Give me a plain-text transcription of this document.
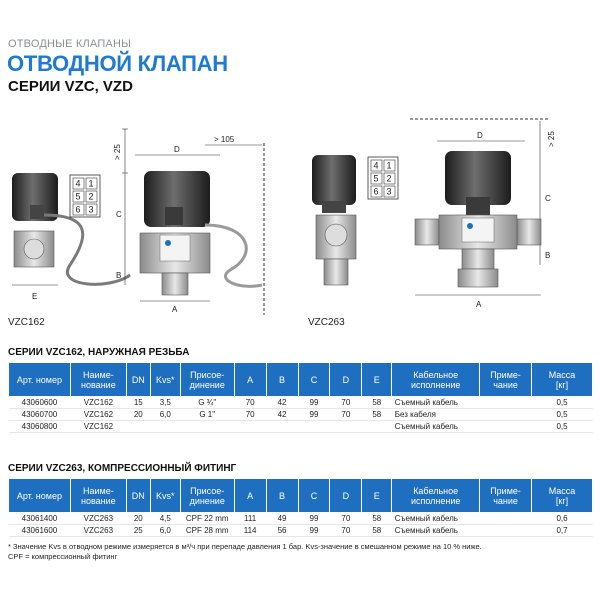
ОТВОДНЫЕ КЛАПАНЫ
ОТВОДНОЙ КЛАПАН
СЕРИИ VZC, VZD
4 1
5 2
6 3
E
VZC162
> 25
C
B
D
> 105
A
4 1
5 2
6 3
VZC263
D	> 25
C
B
A
СЕРИИ VZC162, НАРУЖНАЯ РЕЗЬБА
Арт. номер	Наиме-
нование	DN	Kvs*	Присое-
динение	A	B	C	D	E	Кабельное
исполнение	Приме-
чание	Масса
[кг]
43060600	VZC162	15	3,5	G ¾"	70	42	99	70	58	Съемный кабель		0,5
43060700	VZC162	20	6,0	G 1"	70	42	99	70	58	Без кабеля		0,5
43060800	VZC162									Съемный кабель		0,5
СЕРИИ VZC263, КОМПРЕССИОННЫЙ ФИТИНГ
Арт. номер	Наиме-
нование	DN	Kvs*	Присое-
динение	A	B	C	D	E	Кабельное
исполнение	Приме-
чание	Масса
[кг]
43061400	VZC263	20	4,5	CPF 22 mm	111	49	99	70	58	Съемный кабель		0,6
43061600	VZC263	25	6,0	CPF 28 mm	114	56	99	70	58	Съемный кабель		0,7
* Значение Kvs в отводном режиме измеряется в м³/ч при перепаде давления 1 бар. Kvs-значение в смешанном режиме на 10 % ниже.
CPF = компрессионный фитинг
